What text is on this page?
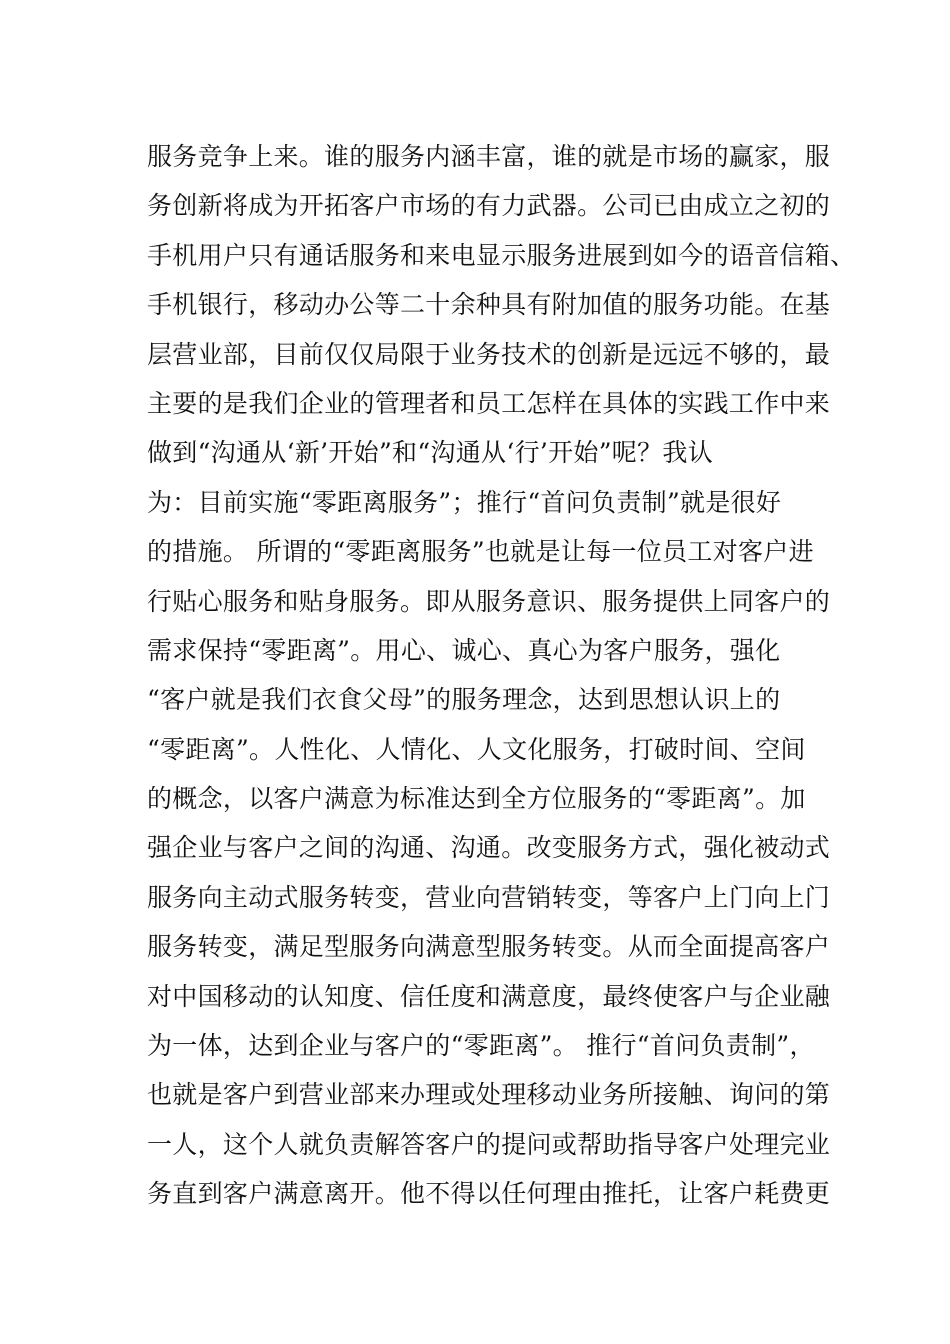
服务竞争上来。谁的服务内涵丰富，谁的就是市场的赢家，服
务创新将成为开拓客户市场的有力武器。公司已由成立之初的
手机用户只有通话服务和来电显示服务进展到如今的语音信箱、
手机银行，移动办公等二十余种具有附加值的服务功能。在基
层营业部，目前仅仅局限于业务技术的创新是远远不够的，最
主要的是我们企业的管理者和员工怎样在具体的实践工作中来
做到“沟通从‘新’开始”和“沟通从‘行’开始”呢？我认
为：目前实施“零距离服务”；推行“首问负责制”就是很好
的措施。 所谓的“零距离服务”也就是让每一位员工对客户进
行贴心服务和贴身服务。即从服务意识、服务提供上同客户的
需求保持“零距离”。用心、诚心、真心为客户服务，强化
“客户就是我们衣食父母”的服务理念，达到思想认识上的
“零距离”。人性化、人情化、人文化服务，打破时间、空间
的概念，以客户满意为标准达到全方位服务的“零距离”。加
强企业与客户之间的沟通、沟通。改变服务方式，强化被动式
服务向主动式服务转变，营业向营销转变，等客户上门向上门
服务转变，满足型服务向满意型服务转变。从而全面提高客户
对中国移动的认知度、信任度和满意度，最终使客户与企业融
为一体，达到企业与客户的“零距离”。 推行“首问负责制”，
也就是客户到营业部来办理或处理移动业务所接触、询问的第
一人，这个人就负责解答客户的提问或帮助指导客户处理完业
务直到客户满意离开。他不得以任何理由推托，让客户耗费更
